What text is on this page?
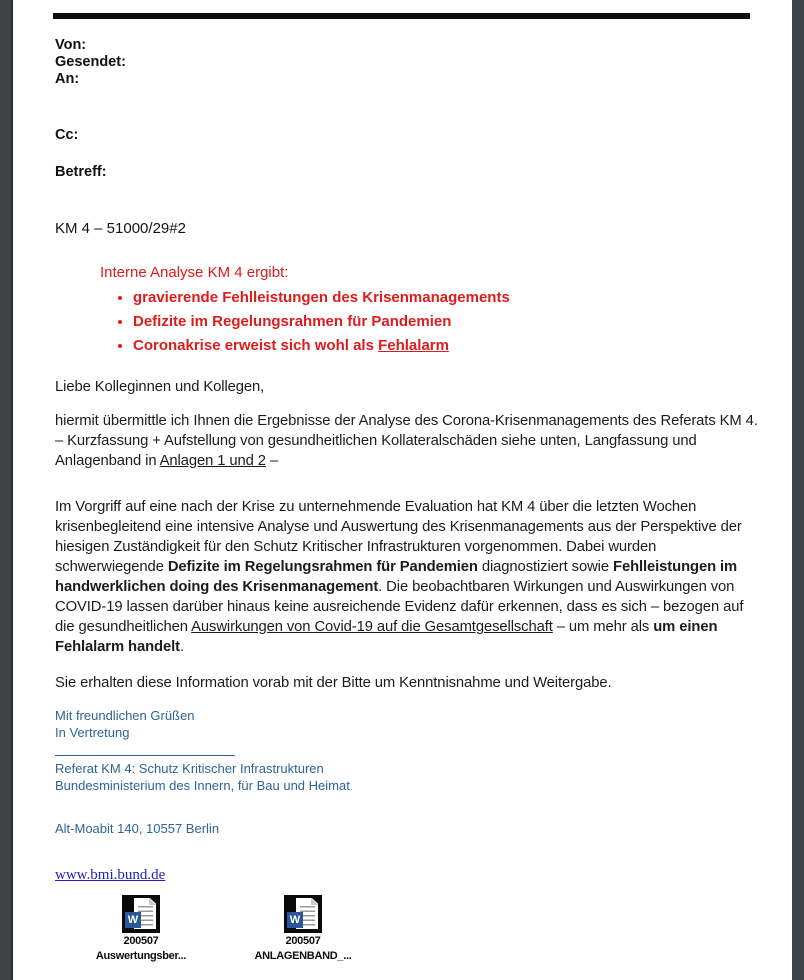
Von:
Gesendet:
An:
Cc:
Betreff:
KM 4 – 51000/29#2
Interne Analyse KM 4 ergibt:
• gravierende Fehlleistungen des Krisenmanagements
• Defizite im Regelungsrahmen für Pandemien
• Coronakrise erweist sich wohl als Fehlalarm
Liebe Kolleginnen und Kollegen,
hiermit übermittle ich Ihnen die Ergebnisse der Analyse des Corona-Krisenmanagements des Referats KM 4. – Kurzfassung + Aufstellung von gesundheitlichen Kollateralschäden siehe unten, Langfassung und Anlagenband in Anlagen 1 und 2 –
Im Vorgriff auf eine nach der Krise zu unternehmende Evaluation hat KM 4 über die letzten Wochen krisenbegleitend eine intensive Analyse und Auswertung des Krisenmanagements aus der Perspektive der hiesigen Zuständigkeit für den Schutz Kritischer Infrastrukturen vorgenommen. Dabei wurden schwerwiegende Defizite im Regelungsrahmen für Pandemien diagnostiziert sowie Fehlleistungen im handwerklichen doing des Krisenmanagement. Die beobachtbaren Wirkungen und Auswirkungen von COVID-19 lassen darüber hinaus keine ausreichende Evidenz dafür erkennen, dass es sich – bezogen auf die gesundheitlichen Auswirkungen von Covid-19 auf die Gesamtgesellschaft – um mehr als um einen Fehlalarm handelt.
Sie erhalten diese Information vorab mit der Bitte um Kenntnisnahme und Weitergabe.
Mit freundlichen Grüßen
In Vertretung
Referat KM 4: Schutz Kritischer Infrastrukturen
Bundesministerium des Innern, für Bau und Heimat
Alt-Moabit 140, 10557 Berlin
www.bmi.bund.de
W
200507
Auswertungsber...
W
200507
ANLAGENBAND_...
